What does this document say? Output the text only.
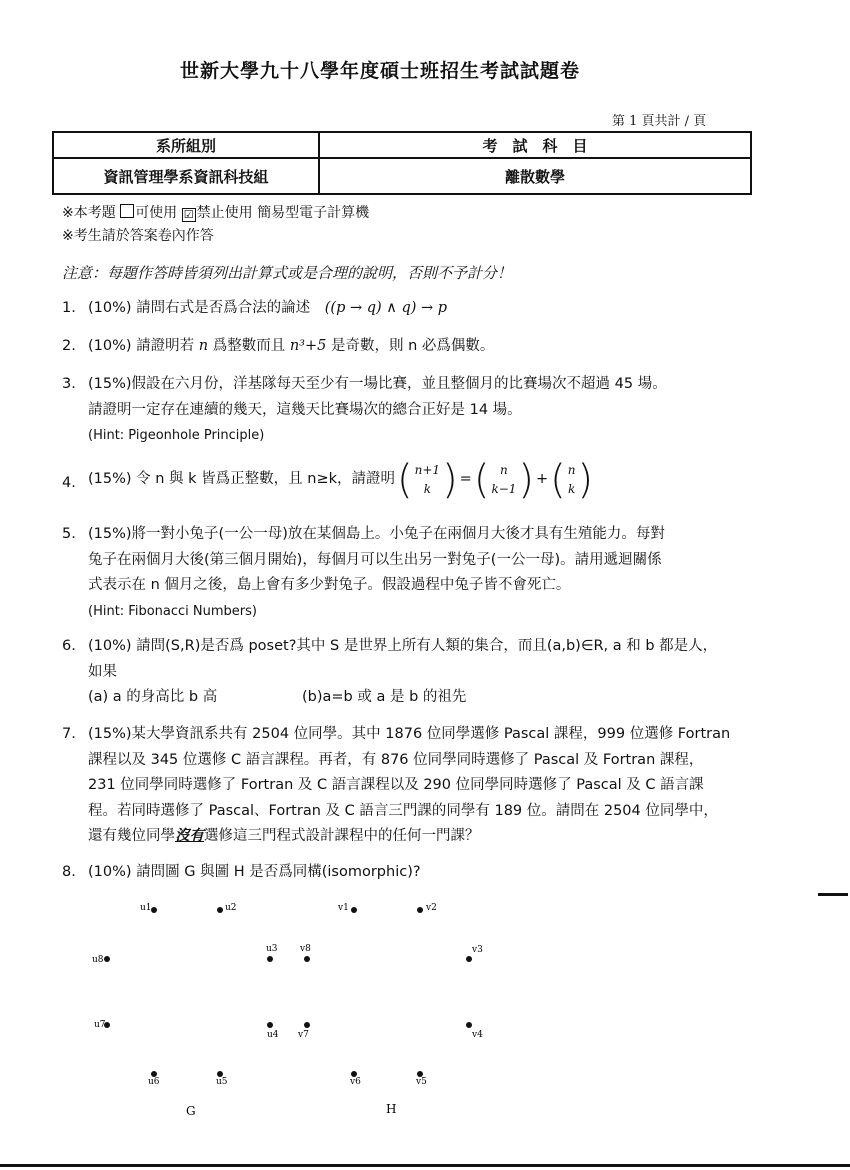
世新大學九十八學年度碩士班招生考試試題卷
第 1 頁共計 / 頁
系所組別	考　試　科　目
資訊管理學系資訊科技組	離散數學
※本考題 可使用 ☑ 禁止使用 簡易型電子計算機
※考生請於答案卷內作答
注意：每題作答時皆須列出計算式或是合理的說明，否則不予計分！
1. (10%) 請問右式是否爲合法的論述 ((p → q) ∧ q) → p
2. (10%) 請證明若 n 爲整數而且 n³+5 是奇數，則 n 必爲偶數。
3. (15%)假設在六月份，洋基隊每天至少有一場比賽，並且整個月的比賽場次不超過 45 場。
請證明一定存在連續的幾天，這幾天比賽場次的總合正好是 14 場。
(Hint: Pigeonhole Principle)
4. (15%) 令 n 與 k 皆爲正整數，且 n≥k，請證明 ( n+1
k ) = ( n
k−1 ) + ( n
k )
5. (15%)將一對小兔子(一公一母)放在某個島上。小兔子在兩個月大後才具有生殖能力。每對
兔子在兩個月大後(第三個月開始)，每個月可以生出另一對兔子(一公一母)。請用遞迴關係
式表示在 n 個月之後，島上會有多少對兔子。假設過程中兔子皆不會死亡。
(Hint: Fibonacci Numbers)
6. (10%) 請問(S,R)是否爲 poset?其中 S 是世界上所有人類的集合，而且(a,b)∈R, a 和 b 都是人，
如果
(a) a 的身高比 b 高	(b)a=b 或 a 是 b 的祖先
7. (15%)某大學資訊系共有 2504 位同學。其中 1876 位同學選修 Pascal 課程，999 位選修 Fortran
課程以及 345 位選修 C 語言課程。再者，有 876 位同學同時選修了 Pascal 及 Fortran 課程，
231 位同學同時選修了 Fortran 及 C 語言課程以及 290 位同學同時選修了 Pascal 及 C 語言課
程。若同時選修了 Pascal、Fortran 及 C 語言三門課的同學有 189 位。請問在 2504 位同學中，
還有幾位同學沒有選修這三門程式設計課程中的任何一門課？
8. (10%) 請問圖 G 與圖 H 是否爲同構(isomorphic)?
u1	u2
u3
u4
u5
u6
u7
u8
G
v1	v2
v3
v4
v5
v6
v7
v8
H
